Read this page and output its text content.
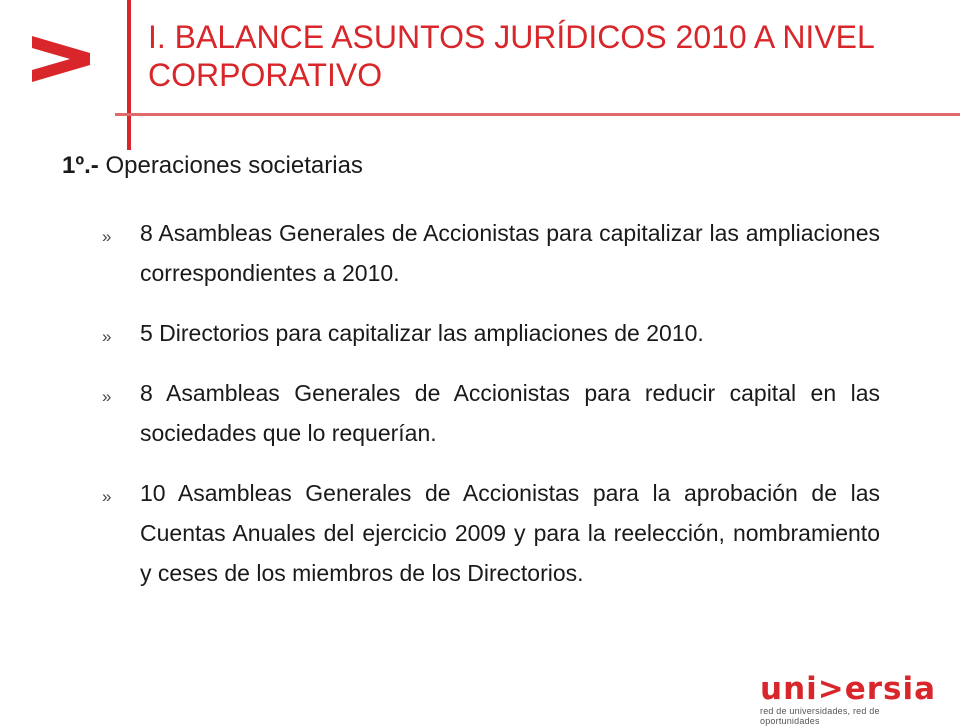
I. BALANCE ASUNTOS JURÍDICOS 2010 A NIVEL CORPORATIVO
1º.- Operaciones societarias
» 8 Asambleas Generales de Accionistas para capitalizar las ampliaciones correspondientes a 2010.
» 5 Directorios para capitalizar las ampliaciones de 2010.
» 8 Asambleas Generales de Accionistas para reducir capital en las sociedades que lo requerían.
» 10 Asambleas Generales de Accionistas para la aprobación de las Cuentas Anuales del ejercicio 2009 y para la reelección, nombramiento y ceses de los miembros de los Directorios.
uni>ersia
red de universidades, red de oportunidades
